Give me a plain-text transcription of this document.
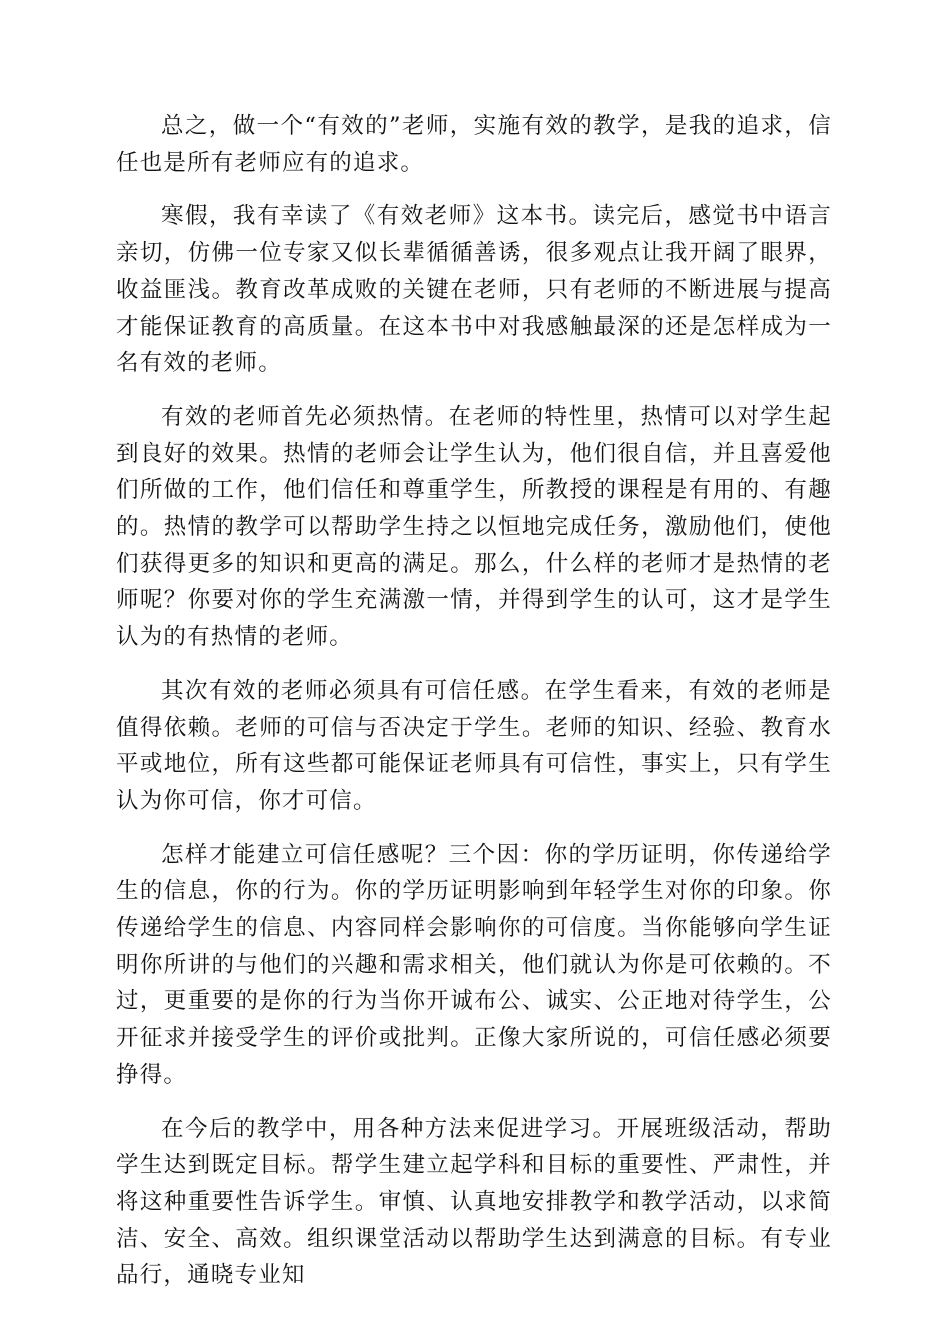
总之，做一个“有效的”老师，实施有效的教学，是我的追求，信任也是所有老师应有的追求。

寒假，我有幸读了《有效老师》这本书。读完后，感觉书中语言亲切，仿佛一位专家又似长辈循循善诱，很多观点让我开阔了眼界，收益匪浅。教育改革成败的关键在老师，只有老师的不断进展与提高才能保证教育的高质量。在这本书中对我感触最深的还是怎样成为一名有效的老师。

有效的老师首先必须热情。在老师的特性里，热情可以对学生起到良好的效果。热情的老师会让学生认为，他们很自信，并且喜爱他们所做的工作，他们信任和尊重学生，所教授的课程是有用的、有趣的。热情的教学可以帮助学生持之以恒地完成任务，激励他们，使他们获得更多的知识和更高的满足。那么，什么样的老师才是热情的老师呢？你要对你的学生充满激一情，并得到学生的认可，这才是学生认为的有热情的老师。

其次有效的老师必须具有可信任感。在学生看来，有效的老师是值得依赖。老师的可信与否决定于学生。老师的知识、经验、教育水平或地位，所有这些都可能保证老师具有可信性，事实上，只有学生认为你可信，你才可信。

怎样才能建立可信任感呢？三个因：你的学历证明，你传递给学生的信息，你的行为。你的学历证明影响到年轻学生对你的印象。你传递给学生的信息、内容同样会影响你的可信度。当你能够向学生证明你所讲的与他们的兴趣和需求相关，他们就认为你是可依赖的。不过，更重要的是你的行为当你开诚布公、诚实、公正地对待学生，公开征求并接受学生的评价或批判。正像大家所说的，可信任感必须要挣得。

在今后的教学中，用各种方法来促进学习。开展班级活动，帮助学生达到既定目标。帮学生建立起学科和目标的重要性、严肃性，并将这种重要性告诉学生。审慎、认真地安排教学和教学活动，以求简洁、安全、高效。组织课堂活动以帮助学生达到满意的目标。有专业品行，通晓专业知
